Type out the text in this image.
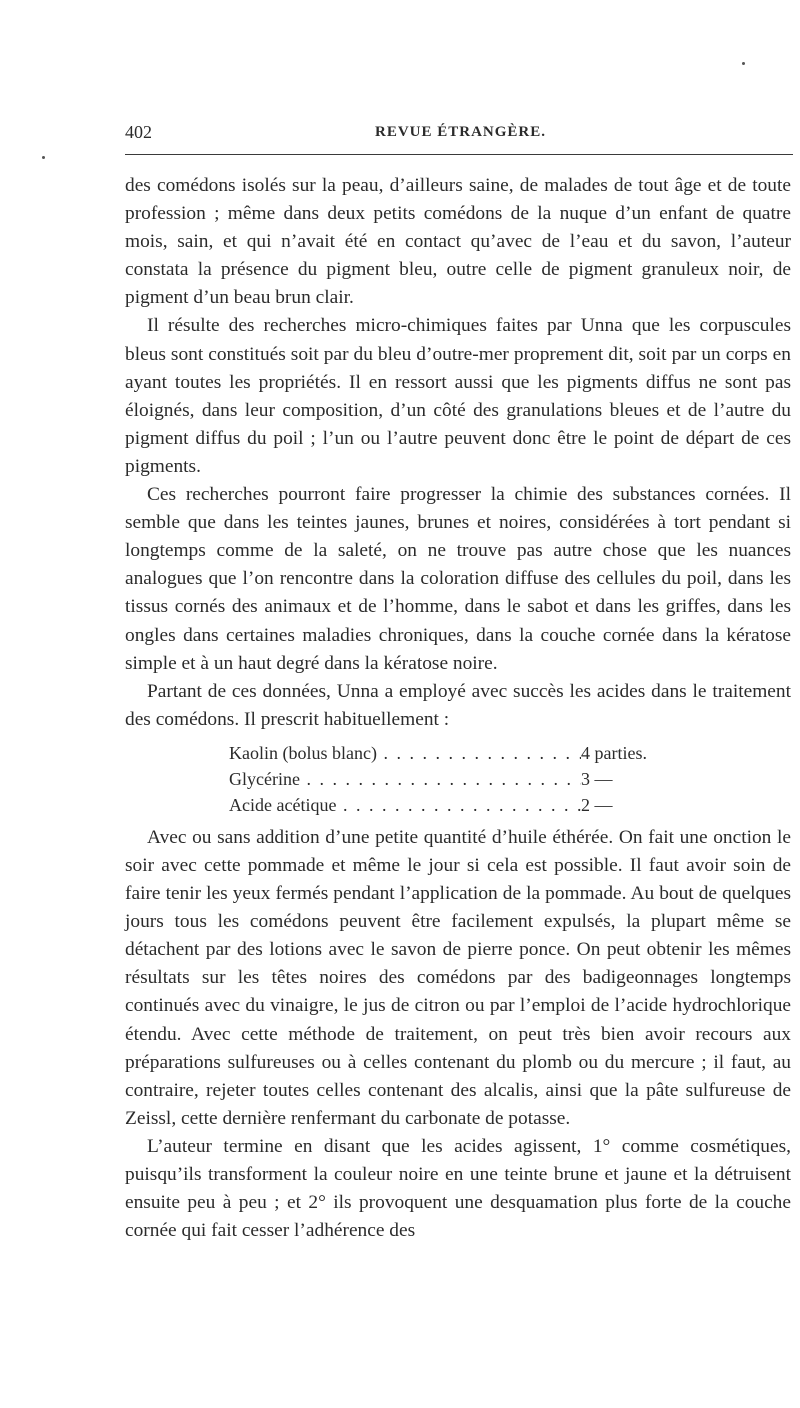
402	REVUE ÉTRANGÈRE.

des comédons isolés sur la peau, d’ailleurs saine, de malades de tout âge et de toute profession ; même dans deux petits comédons de la nuque d’un enfant de quatre mois, sain, et qui n’avait été en contact qu’avec de l’eau et du savon, l’auteur constata la présence du pigment bleu, outre celle de pigment granuleux noir, de pigment d’un beau brun clair.

Il résulte des recherches micro-chimiques faites par Unna que les corpuscules bleus sont constitués soit par du bleu d’outre-mer proprement dit, soit par un corps en ayant toutes les propriétés. Il en ressort aussi que les pigments diffus ne sont pas éloignés, dans leur composition, d’un côté des granulations bleues et de l’autre du pigment diffus du poil ; l’un ou l’autre peuvent donc être le point de départ de ces pigments.

Ces recherches pourront faire progresser la chimie des substances cornées. Il semble que dans les teintes jaunes, brunes et noires, considérées à tort pendant si longtemps comme de la saleté, on ne trouve pas autre chose que les nuances analogues que l’on rencontre dans la coloration diffuse des cellules du poil, dans les tissus cornés des animaux et de l’homme, dans le sabot et dans les griffes, dans les ongles dans certaines maladies chroniques, dans la couche cornée dans la kératose simple et à un haut degré dans la kératose noire.

Partant de ces données, Unna a employé avec succès les acides dans le traitement des comédons. Il prescrit habituellement :

Kaolin (bolus blanc) . . .	4 parties.
Glycérine . . .	3 —
Acide acétique . . .	2 —

Avec ou sans addition d’une petite quantité d’huile éthérée. On fait une onction le soir avec cette pommade et même le jour si cela est possible. Il faut avoir soin de faire tenir les yeux fermés pendant l’application de la pommade. Au bout de quelques jours tous les comédons peuvent être facilement expulsés, la plupart même se détachent par des lotions avec le savon de pierre ponce. On peut obtenir les mêmes résultats sur les têtes noires des comédons par des badigeonnages longtemps continués avec du vinaigre, le jus de citron ou par l’emploi de l’acide hydrochlorique étendu. Avec cette méthode de traitement, on peut très bien avoir recours aux préparations sulfureuses ou à celles contenant du plomb ou du mercure ; il faut, au contraire, rejeter toutes celles contenant des alcalis, ainsi que la pâte sulfureuse de Zeissl, cette dernière renfermant du carbonate de potasse.

L’auteur termine en disant que les acides agissent, 1° comme cosmétiques, puisqu’ils transforment la couleur noire en une teinte brune et jaune et la détruisent ensuite peu à peu ; et 2° ils provoquent une desquamation plus forte de la couche cornée qui fait cesser l’adhérence des
